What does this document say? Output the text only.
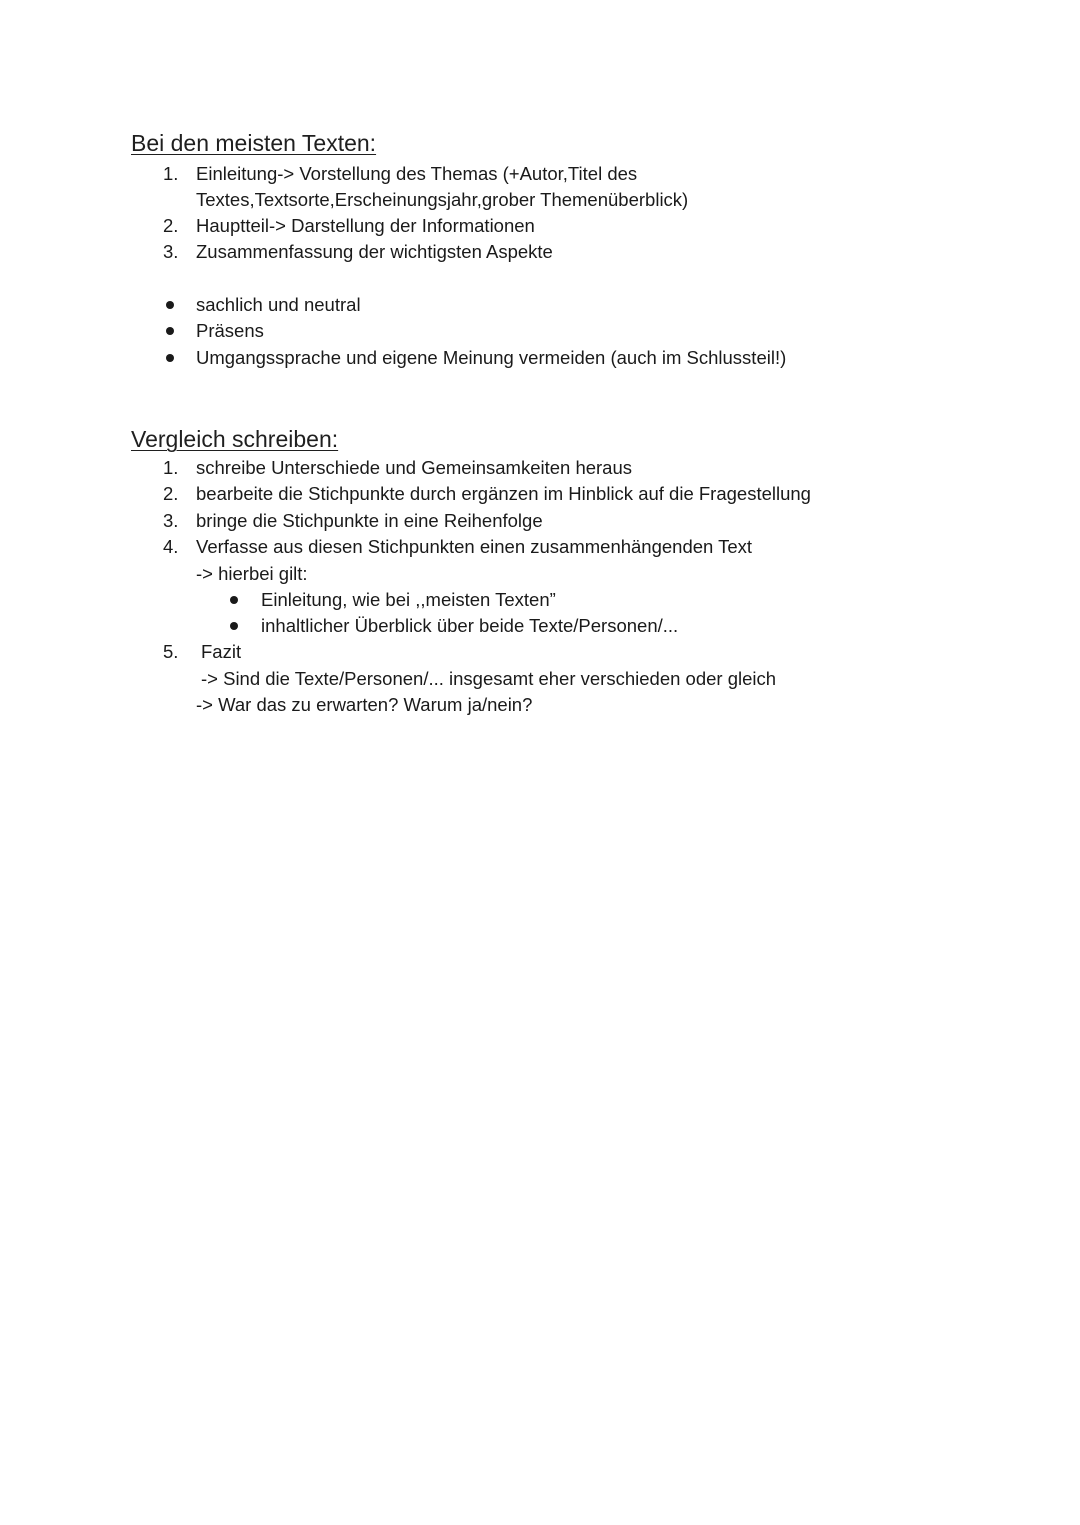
Bei den meisten Texten:
1. Einleitung-> Vorstellung des Themas (+Autor,Titel des
Textes,Textsorte,Erscheinungsjahr,grober Themenüberblick)
2. Hauptteil-> Darstellung der Informationen
3. Zusammenfassung der wichtigsten Aspekte
sachlich und neutral
Präsens
Umgangssprache und eigene Meinung vermeiden (auch im Schlussteil!)
Vergleich schreiben:
1. schreibe Unterschiede und Gemeinsamkeiten heraus
2. bearbeite die Stichpunkte durch ergänzen im Hinblick auf die Fragestellung
3. bringe die Stichpunkte in eine Reihenfolge
4. Verfasse aus diesen Stichpunkten einen zusammenhängenden Text
-> hierbei gilt:
Einleitung, wie bei ,,meisten Texten”
inhaltlicher Überblick über beide Texte/Personen/...
5. Fazit
-> Sind die Texte/Personen/... insgesamt eher verschieden oder gleich
-> War das zu erwarten? Warum ja/nein?
